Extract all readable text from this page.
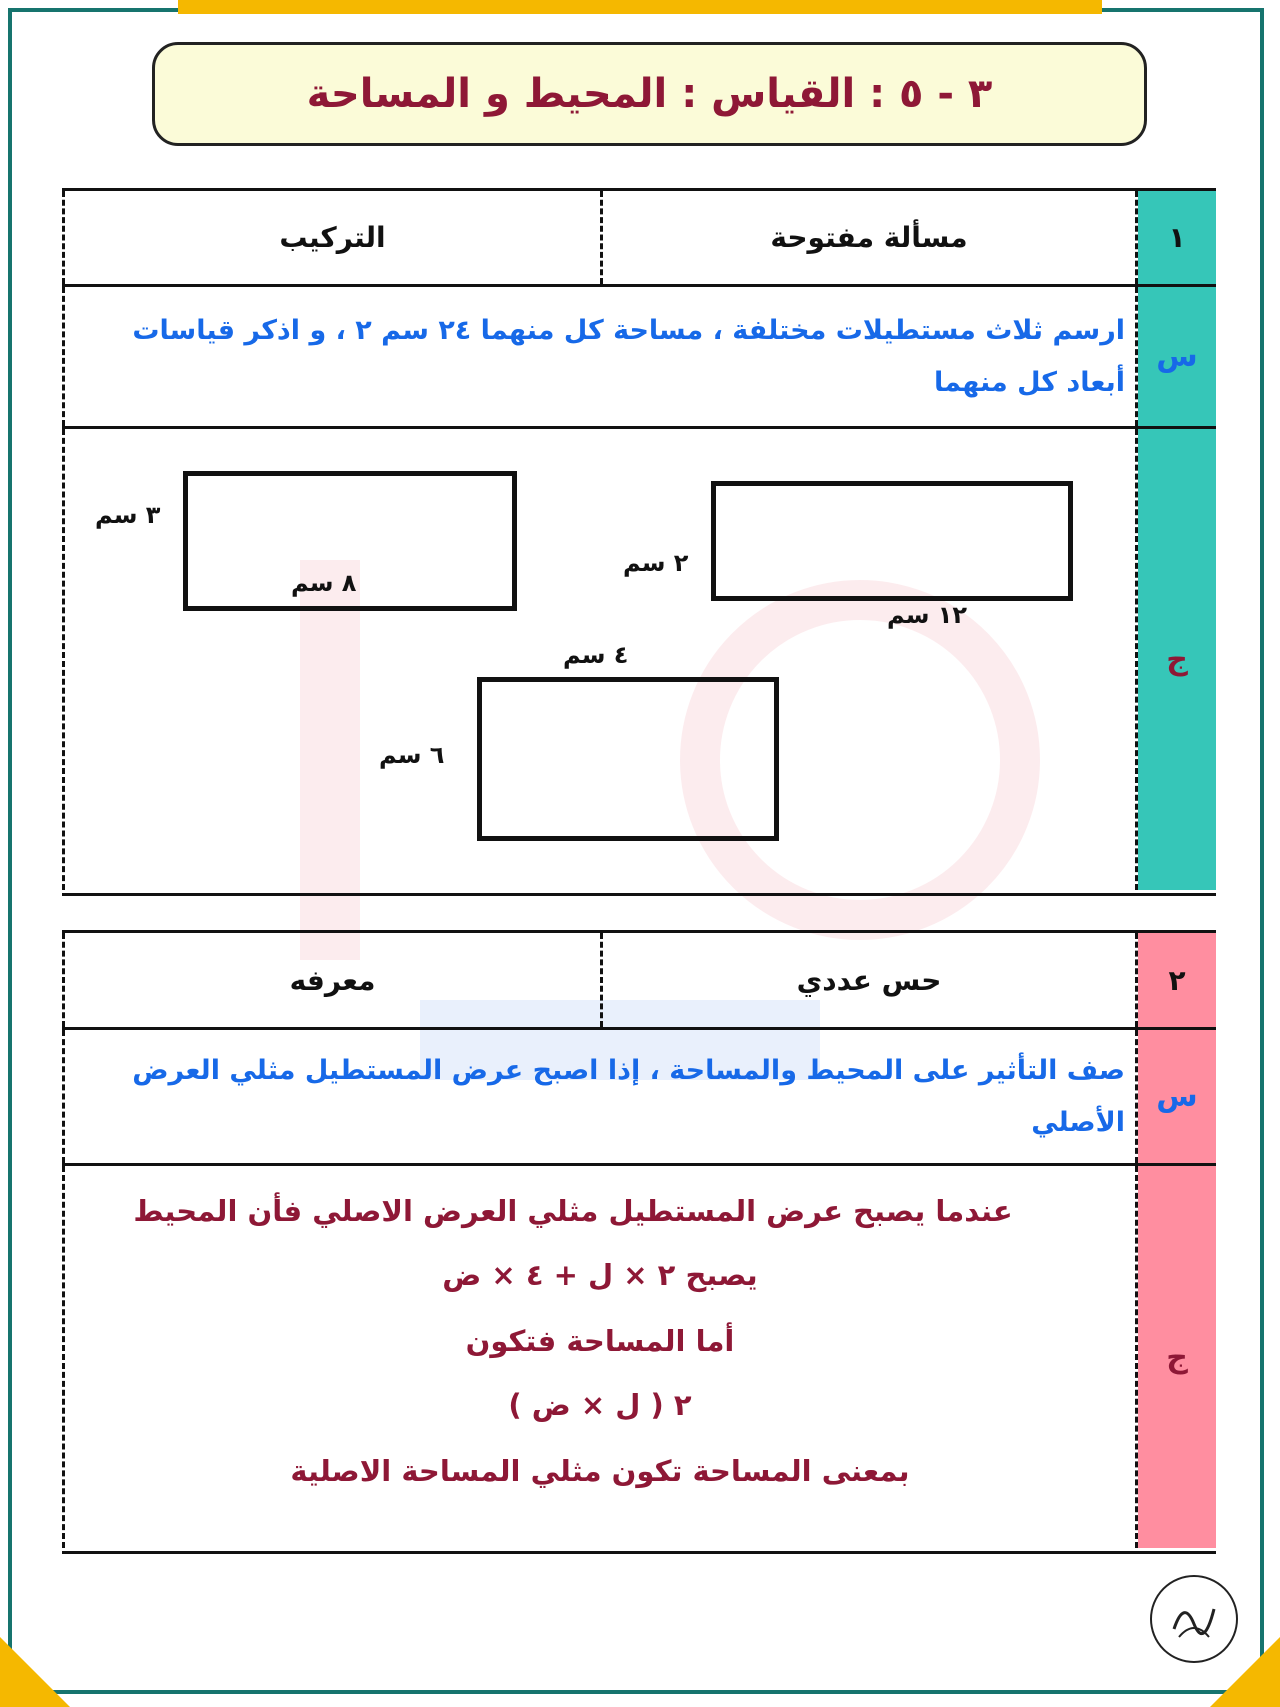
٣ - ٥ : القياس : المحيط و المساحة
١
مسألة مفتوحة
التركيب
س
ارسم ثلاث مستطيلات مختلفة ، مساحة كل منهما ٢٤ سم ٢ ، و اذكر قياسات أبعاد كل منهما
ج
١٢ سم
٢ سم
٨ سم
٣ سم
٤ سم
٦ سم
٢
حس عددي
معرفه
س
صف التأثير على المحيط والمساحة ، إذا اصبح عرض المستطيل مثلي العرض الأصلي
ج
عندما يصبح عرض المستطيل مثلي العرض الاصلي فأن المحيط
يصبح ٢ × ل + ٤ × ض
أما المساحة فتكون
٢ ( ل × ض )
بمعنى المساحة تكون مثلي المساحة الاصلية
